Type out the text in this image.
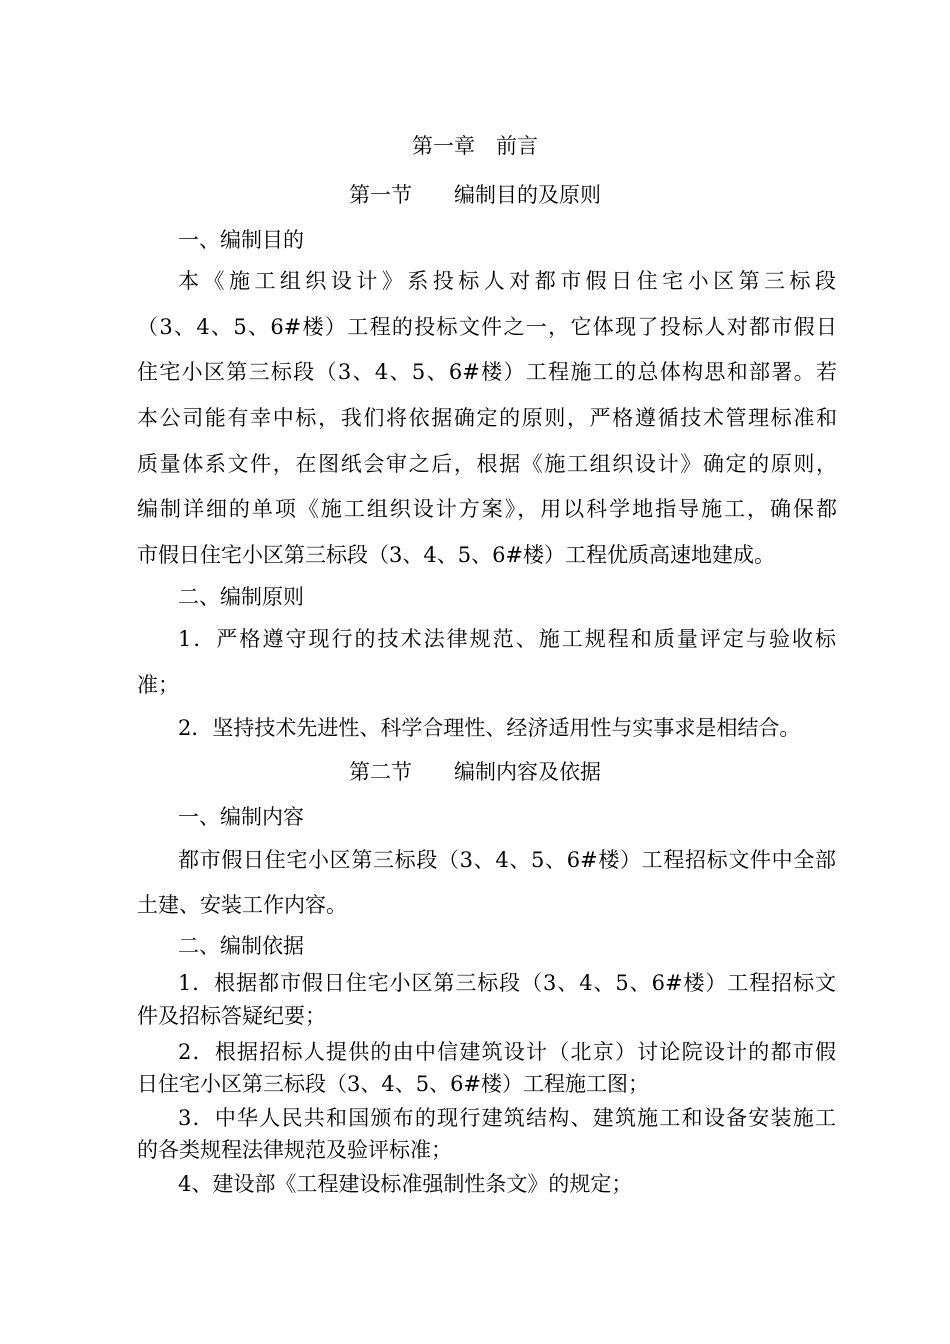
第一章 前言

第一节 编制目的及原则

一、编制目的

本《施工组织设计》系投标人对都市假日住宅小区第三标段

（3、4、5、6#楼）工程的投标文件之一，它体现了投标人对都市假日

住宅小区第三标段（3、4、5、6#楼）工程施工的总体构思和部署。若

本公司能有幸中标，我们将依据确定的原则，严格遵循技术管理标准和

质量体系文件，在图纸会审之后，根据《施工组织设计》确定的原则，

编制详细的单项《施工组织设计方案》，用以科学地指导施工，确保都

市假日住宅小区第三标段（3、4、5、6#楼）工程优质高速地建成。

二、编制原则

1．严格遵守现行的技术法律规范、施工规程和质量评定与验收标

准；

2．坚持技术先进性、科学合理性、经济适用性与实事求是相结合。

第二节 编制内容及依据

一、编制内容

都市假日住宅小区第三标段（3、4、5、6#楼）工程招标文件中全部

土建、安装工作内容。

二、编制依据

1．根据都市假日住宅小区第三标段（3、4、5、6#楼）工程招标文

件及招标答疑纪要；

2．根据招标人提供的由中信建筑设计（北京）讨论院设计的都市假

日住宅小区第三标段（3、4、5、6#楼）工程施工图；

3．中华人民共和国颁布的现行建筑结构、建筑施工和设备安装施工

的各类规程法律规范及验评标准；

4、建设部《工程建设标准强制性条文》的规定；
